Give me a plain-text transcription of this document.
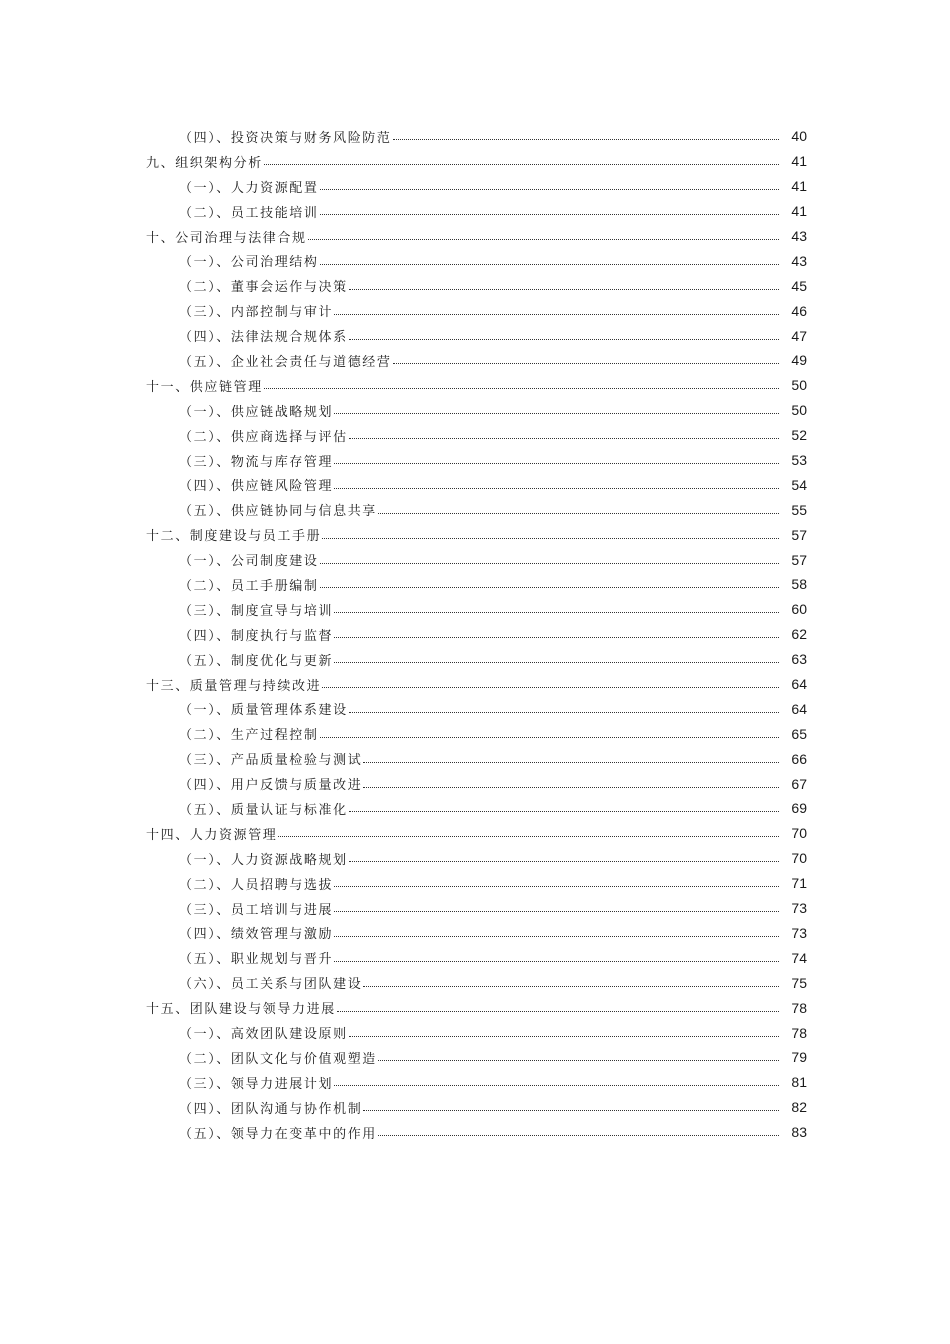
（四）、投资决策与财务风险防范	40
九、组织架构分析	41
（一）、人力资源配置	41
（二）、员工技能培训	41
十、公司治理与法律合规	43
（一）、公司治理结构	43
（二）、董事会运作与决策	45
（三）、内部控制与审计	46
（四）、法律法规合规体系	47
（五）、企业社会责任与道德经营	49
十一、供应链管理	50
（一）、供应链战略规划	50
（二）、供应商选择与评估	52
（三）、物流与库存管理	53
（四）、供应链风险管理	54
（五）、供应链协同与信息共享	55
十二、制度建设与员工手册	57
（一）、公司制度建设	57
（二）、员工手册编制	58
（三）、制度宣导与培训	60
（四）、制度执行与监督	62
（五）、制度优化与更新	63
十三、质量管理与持续改进	64
（一）、质量管理体系建设	64
（二）、生产过程控制	65
（三）、产品质量检验与测试	66
（四）、用户反馈与质量改进	67
（五）、质量认证与标准化	69
十四、人力资源管理	70
（一）、人力资源战略规划	70
（二）、人员招聘与选拔	71
（三）、员工培训与进展	73
（四）、绩效管理与激励	73
（五）、职业规划与晋升	74
（六）、员工关系与团队建设	75
十五、团队建设与领导力进展	78
（一）、高效团队建设原则	78
（二）、团队文化与价值观塑造	79
（三）、领导力进展计划	81
（四）、团队沟通与协作机制	82
（五）、领导力在变革中的作用	83
